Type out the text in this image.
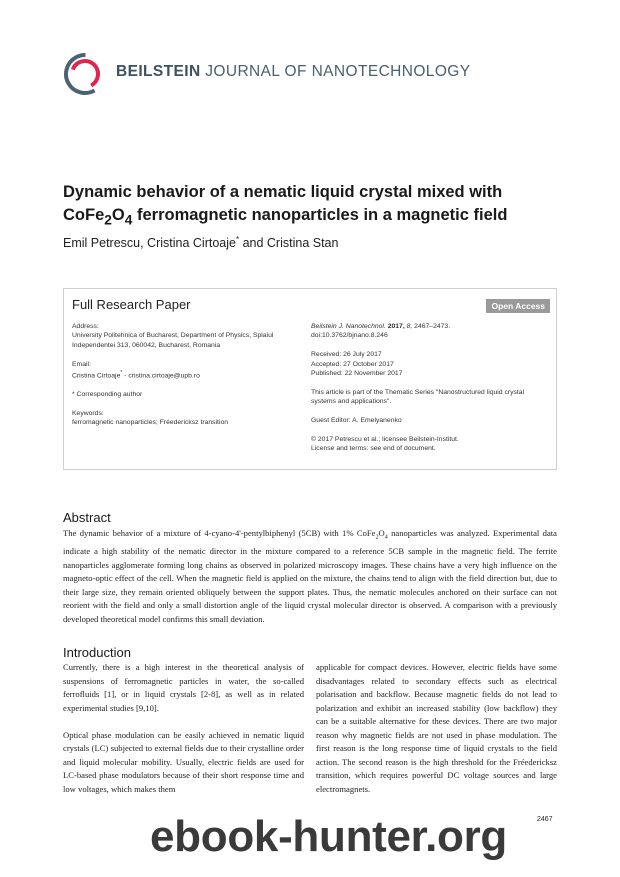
BEILSTEIN JOURNAL OF NANOTECHNOLOGY
Dynamic behavior of a nematic liquid crystal mixed with $CoFe_2O_4$ ferromagnetic nanoparticles in a magnetic field
Emil Petrescu, Cristina Cirtoaje* and Cristina Stan
Full Research Paper	Open Access

Address:

University Politehnica of Bucharest, Department of Physics, Splaiul

Independentei 313, 060042, Bucharest, Romania

Email:

Cristina Cirtoaje* - cristina.cirtoaje@upb.ro

* Corresponding author

Keywords:

ferromagnetic nanoparticles; Fréedericksz transition

Beilstein J. Nanotechnol. 2017, 8, 2467–2473.

doi:10.3762/bjnano.8.246

Received: 26 July 2017

Accepted: 27 October 2017

Published: 22 November 2017

This article is part of the Thematic Series "Nanostructured liquid crystal

systems and applications".

Guest Editor: A. Emelyanenko

© 2017 Petrescu et al.; licensee Beilstein-Institut.

License and terms: see end of document.

Abstract

The dynamic behavior of a mixture of 4-cyano-4'-pentylbiphenyl (5CB) with 1% $CoFe_2O_4$ nanoparticles was analyzed. Experimental data indicate a high stability of the nematic director in the mixture compared to a reference 5CB sample in the magnetic field. The ferrite nanoparticles agglomerate forming long chains as observed in polarized microscopy images. These chains have a very high influence on the magneto-optic effect of the cell. When the magnetic field is applied on the mixture, the chains tend to align with the field direction but, due to their large size, they remain oriented obliquely between the support plates. Thus, the nematic molecules anchored on their surface can not reorient with the field and only a small distortion angle of the liquid crystal molecular director is observed. A comparison with a previously developed theoretical model confirms this small deviation.

Introduction

Currently, there is a high interest in the theoretical analysis of suspensions of ferromagnetic particles in water, the so-called ferrofluids [1], or in liquid crystals [2-8], as well as in related experimental studies [9,10].

Optical phase modulation can be easily achieved in nematic liquid crystals (LC) subjected to external fields due to their crystalline order and liquid molecular mobility. Usually, electric fields are used for LC-based phase modulators because of their short response time and low voltages, which makes them

applicable for compact devices. However, electric fields have some disadvantages related to secondary effects such as electrical polarisation and backflow. Because magnetic fields do not lead to polarization and exhibit an increased stability (low backflow) they can be a suitable alternative for these devices. There are two major reason why magnetic fields are not used in phase modulation. The first reason is the long response time of liquid crystals to the field action. The second reason is the high threshold for the Fréedericksz transition, which requires powerful DC voltage sources and large electromagnets.

2467
ebook-hunter.org
